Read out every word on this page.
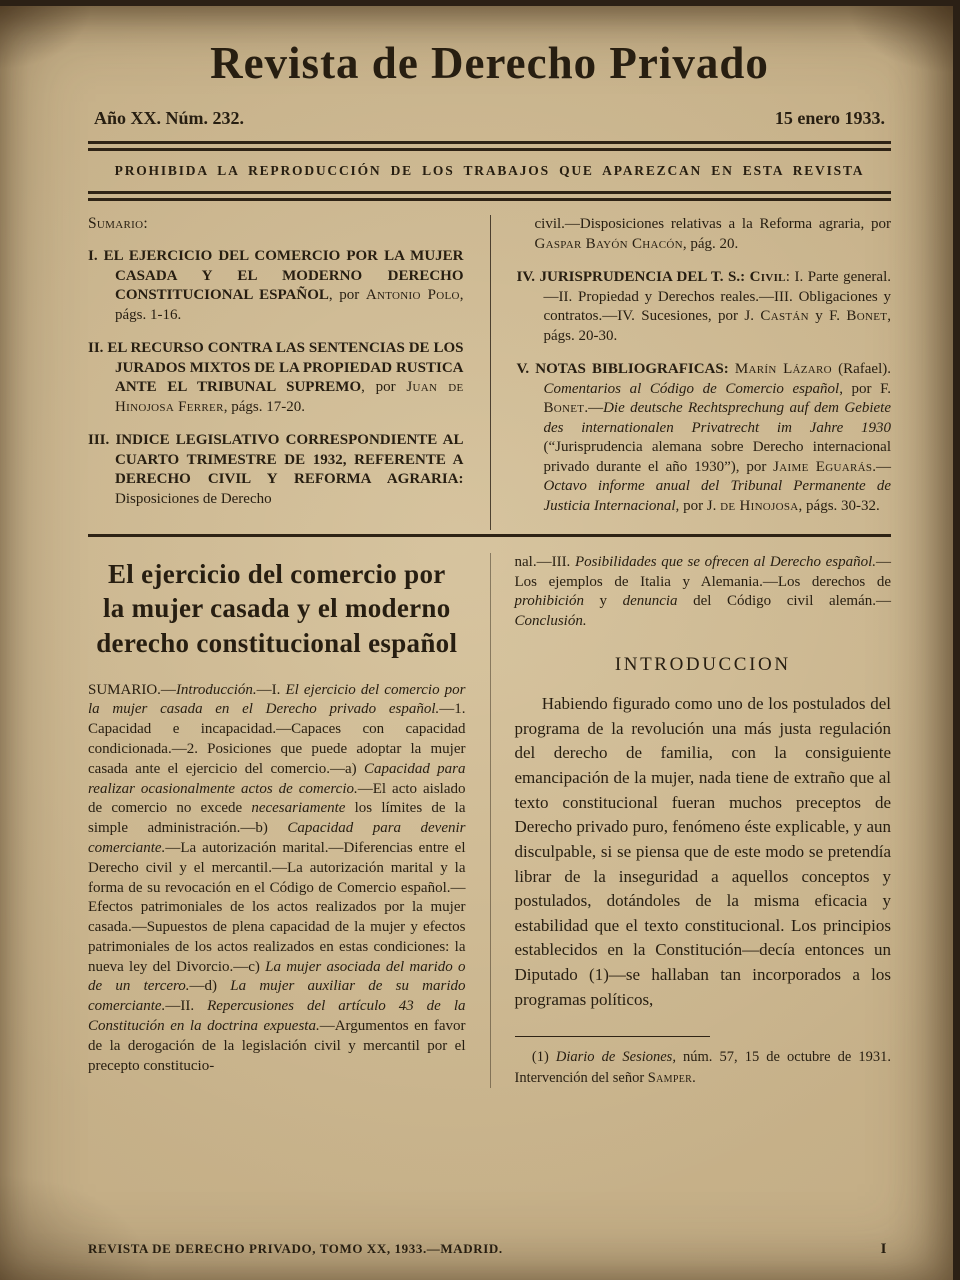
Revista de Derecho Privado
Año XX. Núm. 232.	15 enero 1933.

PROHIBIDA LA REPRODUCCIÓN DE LOS TRABAJOS QUE APAREZCAN EN ESTA REVISTA

Sumario:

I. EL EJERCICIO DEL COMERCIO POR LA MUJER CASADA Y EL MODERNO DERECHO CONSTITUCIONAL ESPAÑOL, por Antonio Polo, págs. 1-16.

II. EL RECURSO CONTRA LAS SENTENCIAS DE LOS JURADOS MIXTOS DE LA PROPIEDAD RUSTICA ANTE EL TRIBUNAL SUPREMO, por Juan de Hinojosa Ferrer, págs. 17-20.

III. INDICE LEGISLATIVO CORRESPONDIENTE AL CUARTO TRIMESTRE DE 1932, REFERENTE A DERECHO CIVIL Y REFORMA AGRARIA: Disposiciones de Derecho

civil.—Disposiciones relativas a la Reforma agraria, por Gaspar Bayón Chacón, pág. 20.

IV. JURISPRUDENCIA DEL T. S.: Civil: I. Parte general.—II. Propiedad y Derechos reales.—III. Obligaciones y contratos.—IV. Sucesiones, por J. Castán y F. Bonet, págs. 20-30.

V. NOTAS BIBLIOGRAFICAS: Marín Lázaro (Rafael). Comentarios al Código de Comercio español, por F. Bonet.—Die deutsche Rechtsprechung auf dem Gebiete des internationalen Privatrecht im Jahre 1930 (“Jurisprudencia alemana sobre Derecho internacional privado durante el año 1930”), por Jaime Eguarás.—Octavo informe anual del Tribunal Permanente de Justicia Internacional, por J. de Hinojosa, págs. 30-32.

El ejercicio del comercio por la mujer casada y el moderno derecho constitucional español

SUMARIO.—Introducción.—I. El ejercicio del comercio por la mujer casada en el Derecho privado español.—1. Capacidad e incapacidad.—Capaces con capacidad condicionada.—2. Posiciones que puede adoptar la mujer casada ante el ejercicio del comercio.—a) Capacidad para realizar ocasionalmente actos de comercio.—El acto aislado de comercio no excede necesariamente los límites de la simple administración.—b) Capacidad para devenir comerciante.—La autorización marital.—Diferencias entre el Derecho civil y el mercantil.—La autorización marital y la forma de su revocación en el Código de Comercio español.—Efectos patrimoniales de los actos realizados por la mujer casada.—Supuestos de plena capacidad de la mujer y efectos patrimoniales de los actos realizados en estas condiciones: la nueva ley del Divorcio.—c) La mujer asociada del marido o de un tercero.—d) La mujer auxiliar de su marido comerciante.—II. Repercusiones del artículo 43 de la Constitución en la doctrina expuesta.—Argumentos en favor de la derogación de la legislación civil y mercantil por el precepto constitucio-

nal.—III. Posibilidades que se ofrecen al Derecho español.—Los ejemplos de Italia y Alemania.—Los derechos de prohibición y denuncia del Código civil alemán.—Conclusión.

INTRODUCCION

Habiendo figurado como uno de los postulados del programa de la revolución una más justa regulación del derecho de familia, con la consiguiente emancipación de la mujer, nada tiene de extraño que al texto constitucional fueran muchos preceptos de Derecho privado puro, fenómeno éste explicable, y aun disculpable, si se piensa que de este modo se pretendía librar de la inseguridad a aquellos conceptos y postulados, dotándoles de la misma eficacia y estabilidad que el texto constitucional. Los principios establecidos en la Constitución—decía entonces un Diputado (1)—se hallaban tan incorporados a los programas políticos,

(1) Diario de Sesiones, núm. 57, 15 de octubre de 1931. Intervención del señor Samper.

REVISTA DE DERECHO PRIVADO, TOMO XX, 1933.—MADRID.	I
